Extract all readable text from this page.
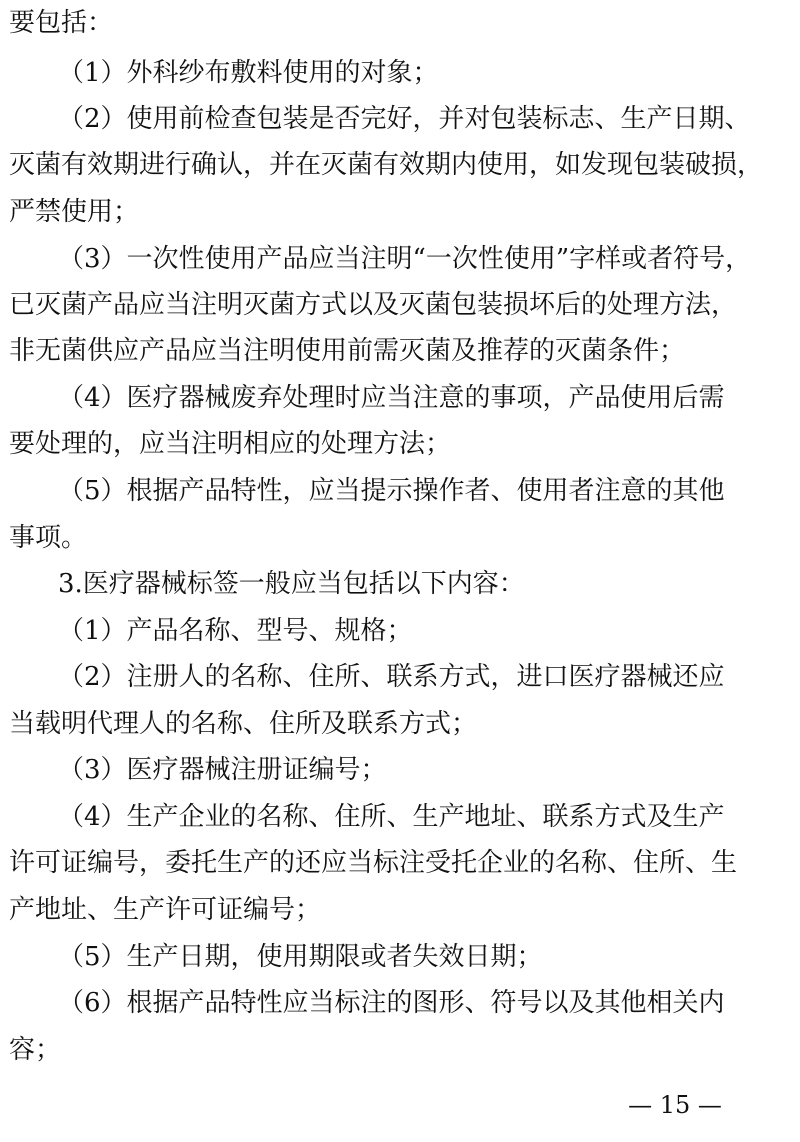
要包括：
（1）外科纱布敷料使用的对象；
（2）使用前检查包装是否完好，并对包装标志、生产日期、
灭菌有效期进行确认，并在灭菌有效期内使用，如发现包装破损，
严禁使用；
（3）一次性使用产品应当注明“一次性使用”字样或者符号，
已灭菌产品应当注明灭菌方式以及灭菌包装损坏后的处理方法，
非无菌供应产品应当注明使用前需灭菌及推荐的灭菌条件；
（4）医疗器械废弃处理时应当注意的事项，产品使用后需
要处理的，应当注明相应的处理方法；
（5）根据产品特性，应当提示操作者、使用者注意的其他
事项。
3.医疗器械标签一般应当包括以下内容：
（1）产品名称、型号、规格；
（2）注册人的名称、住所、联系方式，进口医疗器械还应
当载明代理人的名称、住所及联系方式；
（3）医疗器械注册证编号；
（4）生产企业的名称、住所、生产地址、联系方式及生产
许可证编号，委托生产的还应当标注受托企业的名称、住所、生
产地址、生产许可证编号；
（5）生产日期，使用期限或者失效日期；
（6）根据产品特性应当标注的图形、符号以及其他相关内
容；
— 15 —
